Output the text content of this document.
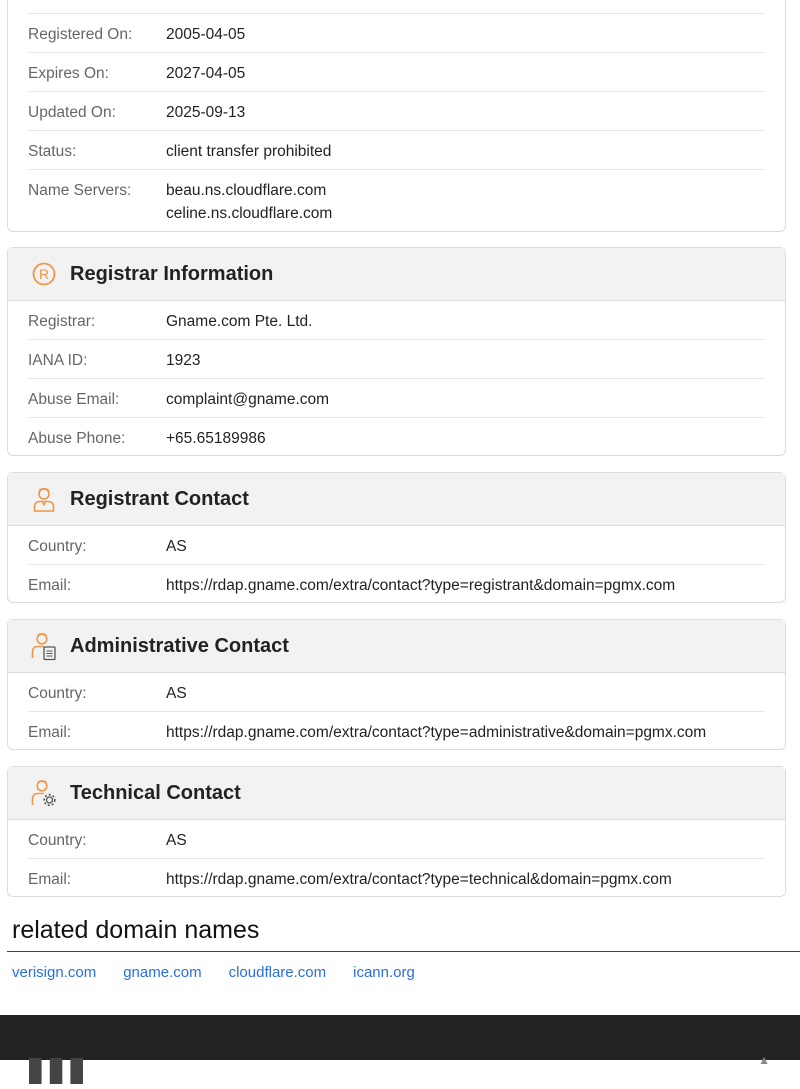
Registered On:	2005-04-05
Expires On:	2027-04-05
Updated On:	2025-09-13
Status:	client transfer prohibited
Name Servers:	beau.ns.cloudflare.com
celine.ns.cloudflare.com
R Registrar Information
Registrar:	Gname.com Pte. Ltd.
IANA ID:	1923
Abuse Email:	complaint@gname.com
Abuse Phone:	+65.65189986
Registrant Contact
Country:	AS
Email:	https://rdap.gname.com/extra/contact?type=registrant&domain=pgmx.com
Administrative Contact
Country:	AS
Email:	https://rdap.gname.com/extra/contact?type=administrative&domain=pgmx.com
Technical Contact
Country:	AS
Email:	https://rdap.gname.com/extra/contact?type=technical&domain=pgmx.com
related domain names
verisign.com gname.com cloudflare.com icann.org
▮▮▮	▲
